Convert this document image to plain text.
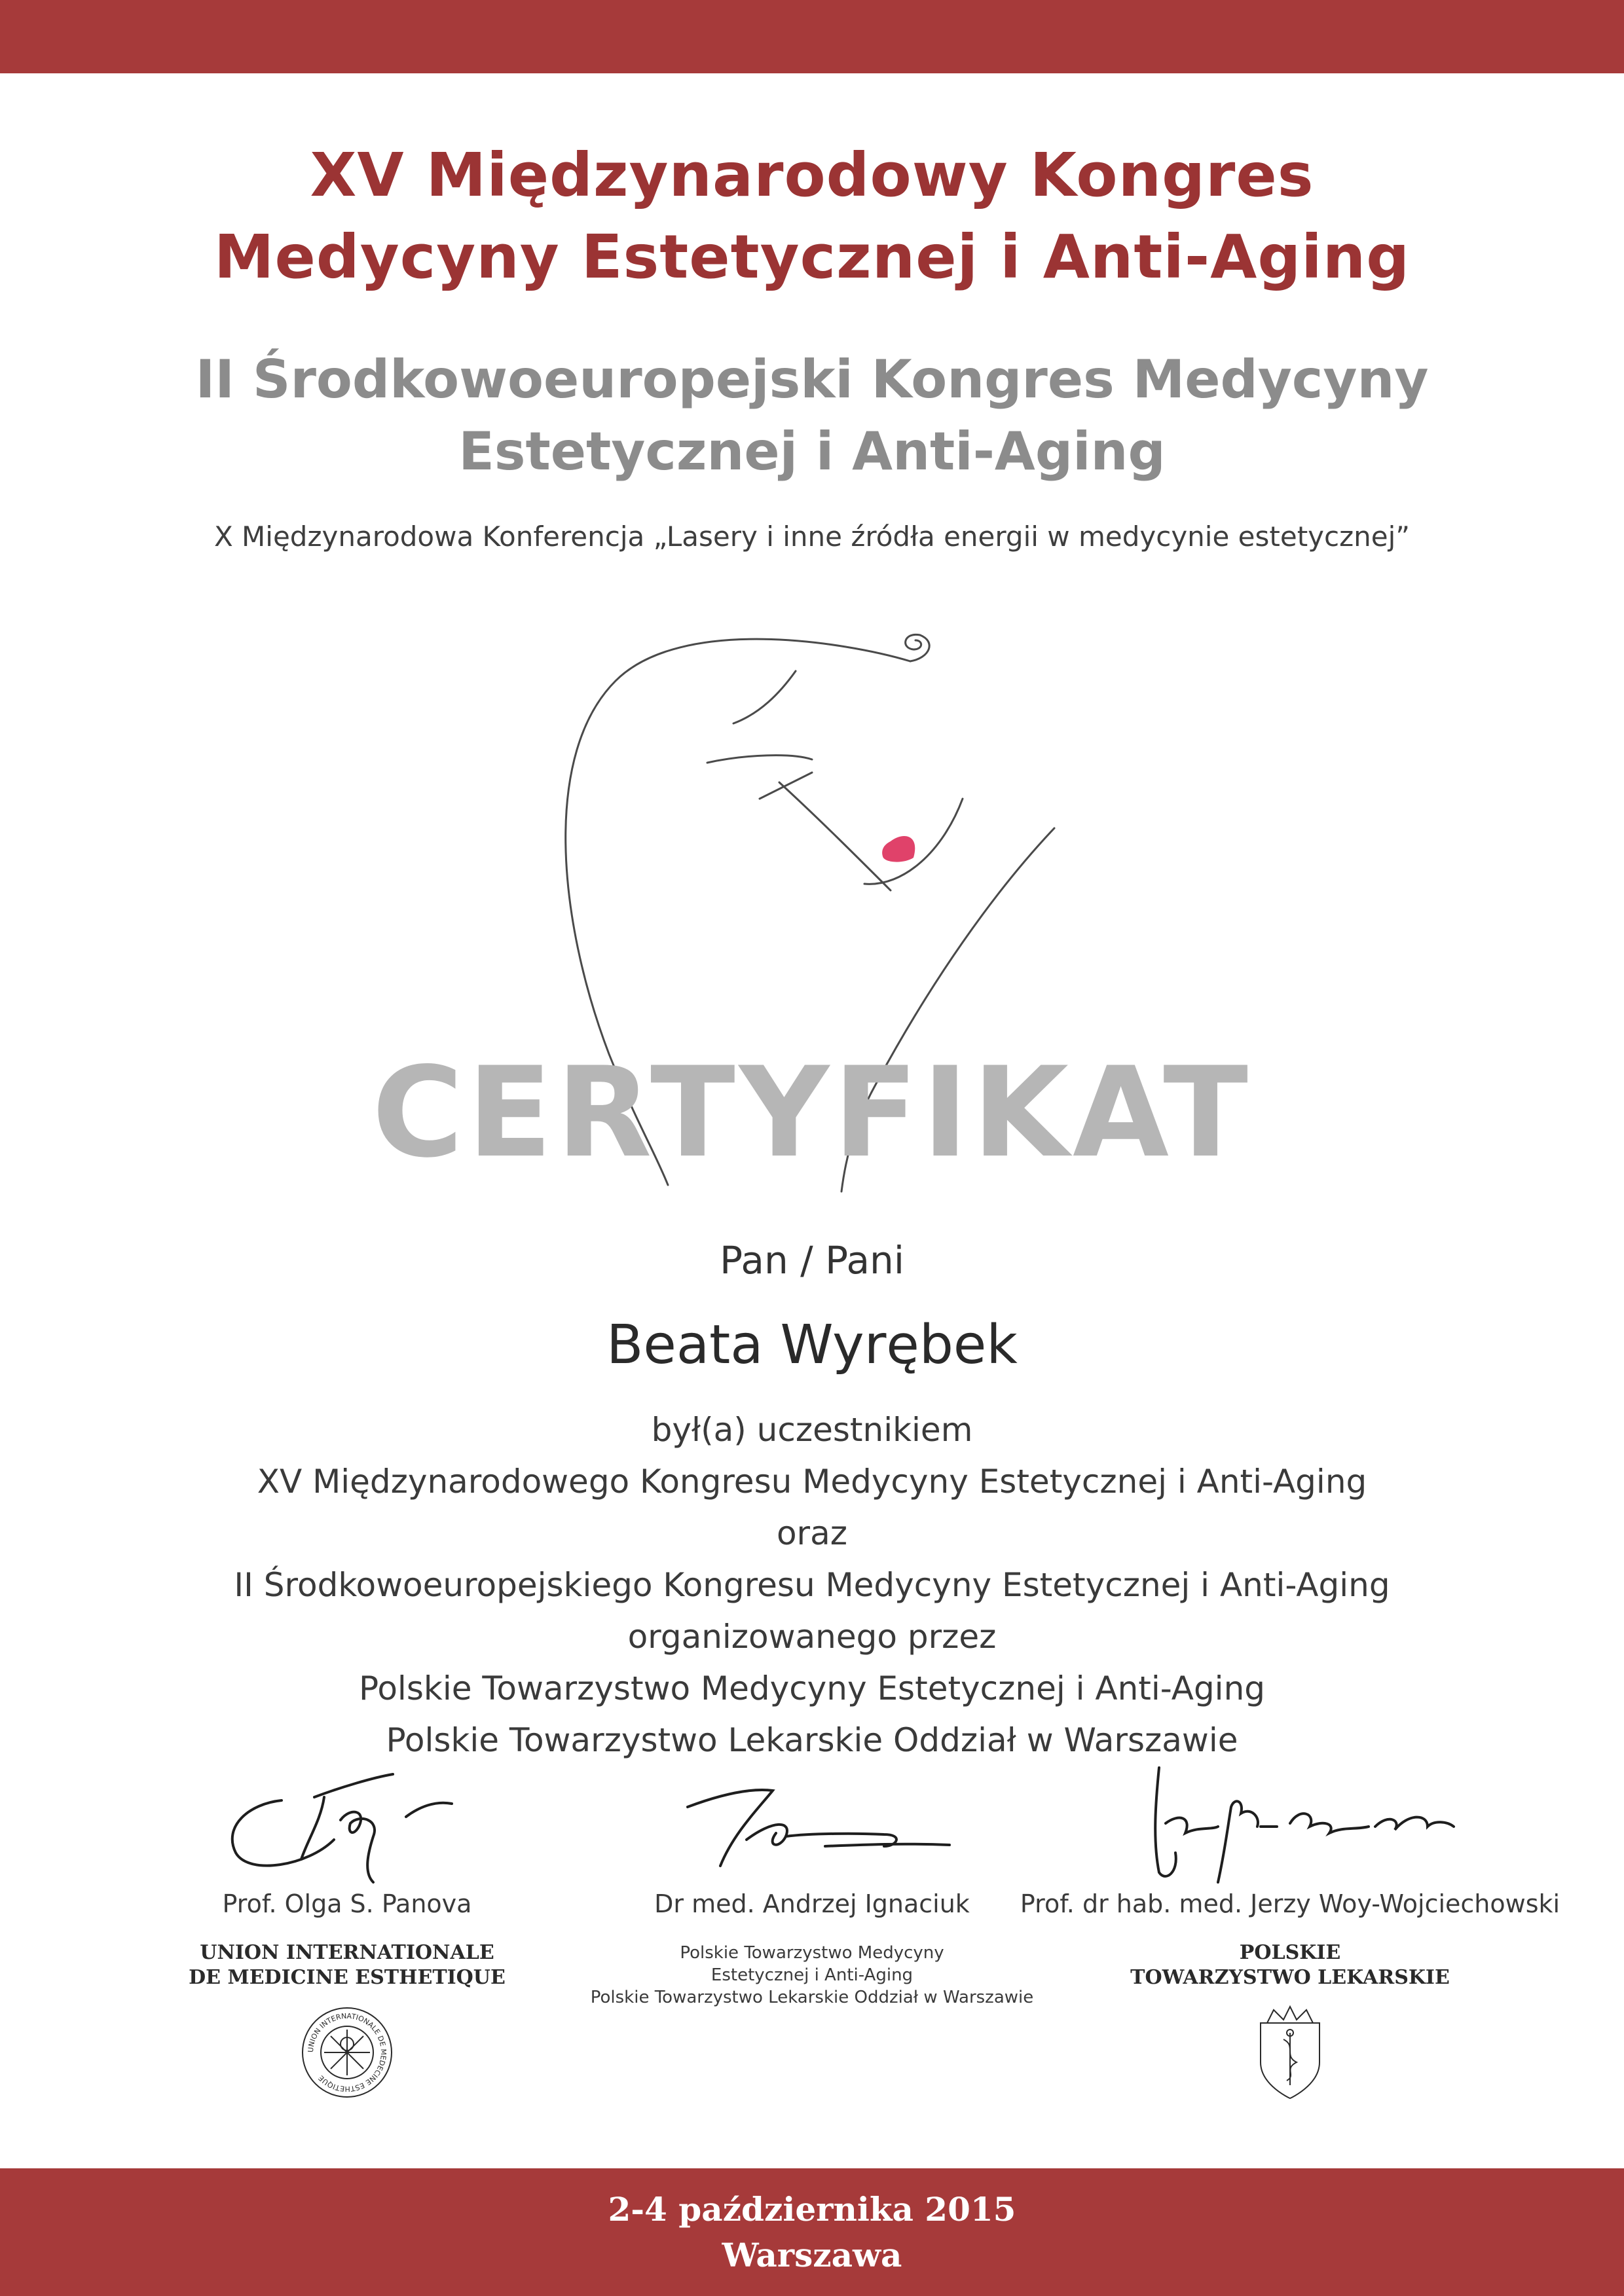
XV Międzynarodowy Kongres
Medycyny Estetycznej i Anti-Aging
II Środkowoeuropejski Kongres Medycyny
Estetycznej i Anti-Aging
X Międzynarodowa Konferencja „Lasery i inne źródła energii w medycynie estetycznej”
CERTYFIKAT
Pan / Pani
Beata Wyrębek
był(a) uczestnikiem
XV Międzynarodowego Kongresu Medycyny Estetycznej i Anti-Aging
oraz
II Środkowoeuropejskiego Kongresu Medycyny Estetycznej i Anti-Aging
organizowanego przez
Polskie Towarzystwo Medycyny Estetycznej i Anti-Aging
Polskie Towarzystwo Lekarskie Oddział w Warszawie
Prof. Olga S. Panova
UNION INTERNATIONALE
DE MEDICINE ESTHETIQUE
UNION INTERNATIONALE DE MEDECINE ESTHETIQUE
Dr med. Andrzej Ignaciuk
Polskie Towarzystwo Medycyny
Estetycznej i Anti-Aging
Polskie Towarzystwo Lekarskie Oddział w Warszawie
Prof. dr hab. med. Jerzy Woy-Wojciechowski
POLSKIE
TOWARZYSTWO LEKARSKIE
2-4 października 2015
Warszawa
